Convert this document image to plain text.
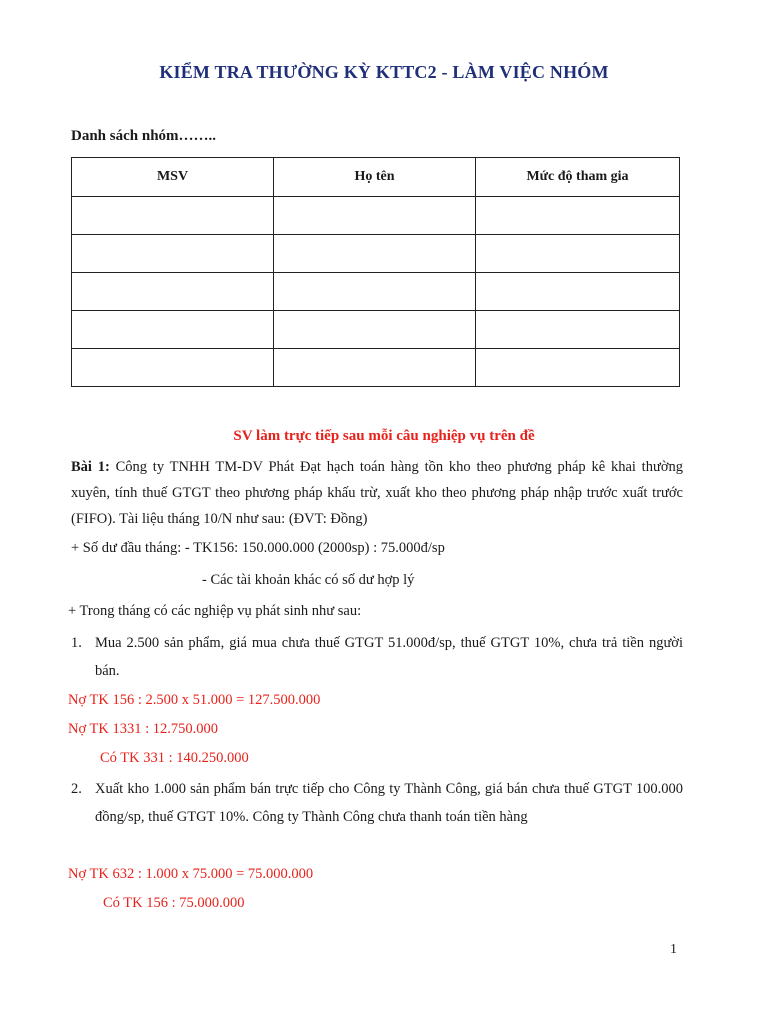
KIỂM TRA THƯỜNG KỲ KTTC2 - LÀM VIỆC NHÓM
Danh sách nhóm……..
MSV	Họ tên	Mức độ tham gia

SV làm trực tiếp sau mỗi câu nghiệp vụ trên đề
Bài 1: Công ty TNHH TM-DV Phát Đạt hạch toán hàng tồn kho theo phương pháp kê khai thường xuyên, tính thuế GTGT theo phương pháp khấu trừ, xuất kho theo phương pháp nhập trước xuất trước (FIFO). Tài liệu tháng 10/N như sau: (ĐVT: Đồng)
+ Số dư đầu tháng: - TK156: 150.000.000 (2000sp) : 75.000đ/sp
- Các tài khoản khác có số dư hợp lý
+ Trong tháng có các nghiệp vụ phát sinh như sau:
1. Mua 2.500 sản phẩm, giá mua chưa thuế GTGT 51.000đ/sp, thuế GTGT 10%, chưa trả tiền người bán.
Nợ TK 156 : 2.500 x 51.000 = 127.500.000
Nợ TK 1331 : 12.750.000
Có TK 331 : 140.250.000
2. Xuất kho 1.000 sản phẩm bán trực tiếp cho Công ty Thành Công, giá bán chưa thuế GTGT 100.000 đồng/sp, thuế GTGT 10%. Công ty Thành Công chưa thanh toán tiền hàng
Nợ TK 632 : 1.000 x 75.000 = 75.000.000
Có TK 156 : 75.000.000
1
